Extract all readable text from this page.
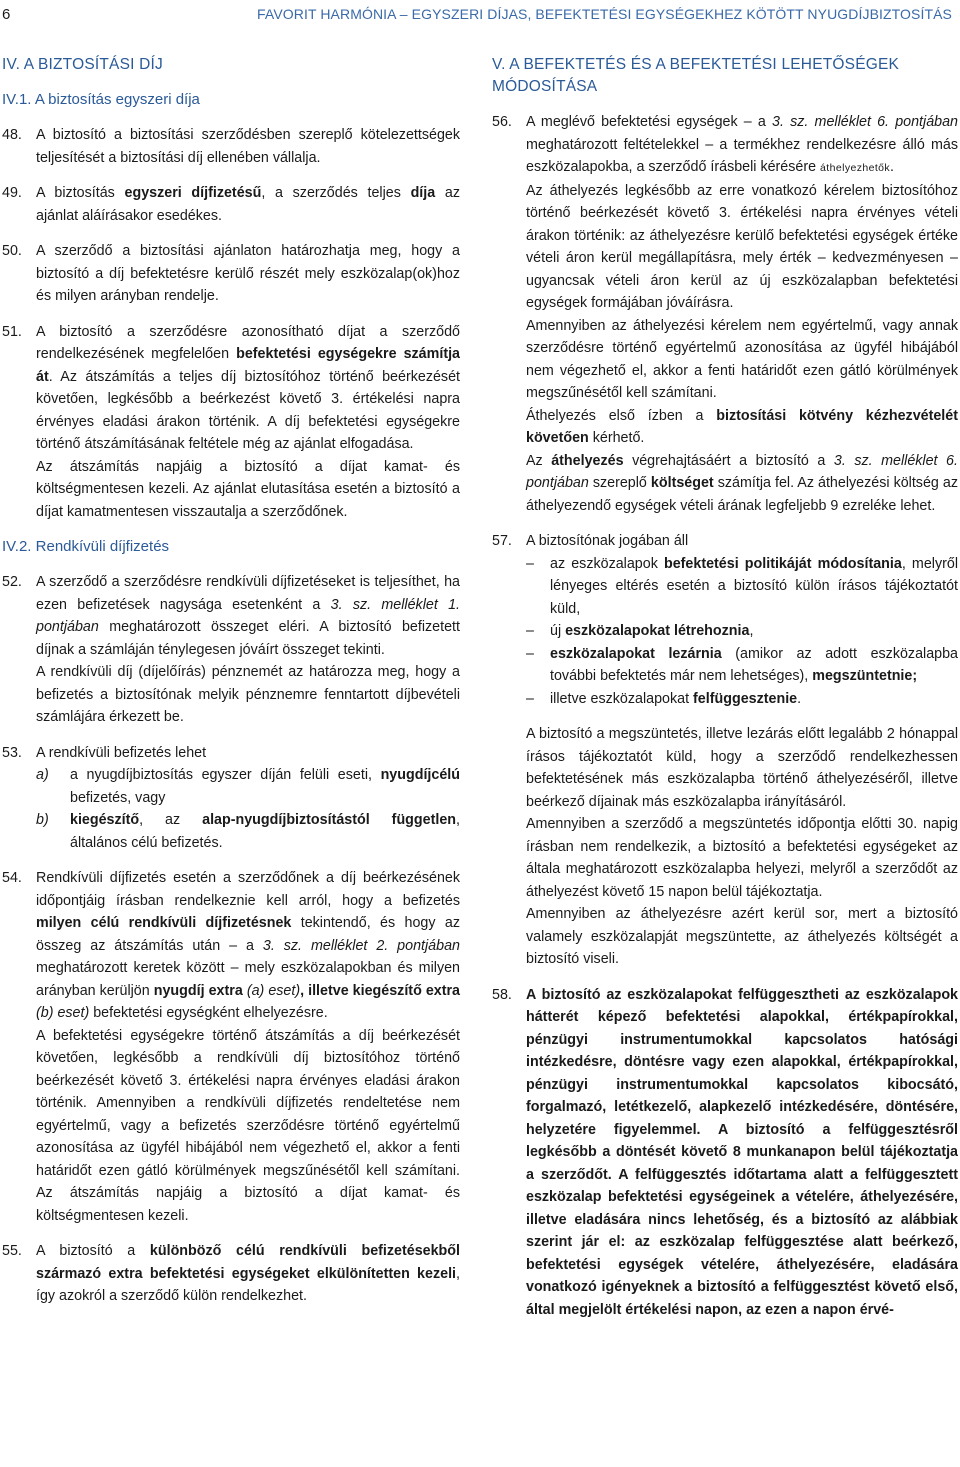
6	FAVORIT HARMÓNIA – EGYSZERI DÍJAS, BEFEKTETÉSI EGYSÉGEKHEZ KÖTÖTT NYUGDÍJBIZTOSÍTÁS
IV. A BIZTOSÍTÁSI DÍJ
IV.1. A biztosítás egyszeri díja
48. A biztosító a biztosítási szerződésben szereplő kötelezettségek teljesítését a biztosítási díj ellenében vállalja.

49. A biztosítás egyszeri díjfizetésű, a szerződés teljes díja az ajánlat aláírásakor esedékes.

50. A szerződő a biztosítási ajánlaton határozhatja meg, hogy a biztosító a díj befektetésre kerülő részét mely eszközalap(ok)hoz és milyen arányban rendelje.

51. A biztosító a szerződésre azonosítható díjat a szerződő rendelkezésének megfelelően befektetési egységekre számítja át. Az átszámítás a teljes díj biztosítóhoz történő beérkezését követően, legkésőbb a beérkezést követő 3. értékelési napra érvényes eladási árakon történik. A díj befektetési egységekre történő átszámításának feltétele még az ajánlat elfogadása.

Az átszámítás napjáig a biztosító a díjat kamat- és költségmentesen kezeli. Az ajánlat elutasítása esetén a biztosító a díjat kamatmentesen visszautalja a szerződőnek.

IV.2. Rendkívüli díjfizetés
52. A szerződő a szerződésre rendkívüli díjfizetéseket is teljesíthet, ha ezen befizetések nagysága esetenként a 3. sz. melléklet 1. pontjában meghatározott összeget eléri. A biztosító befizetett díjnak a számláján ténylegesen jóváírt összeget tekinti.

A rendkívüli díj (díjelőírás) pénznemét az határozza meg, hogy a befizetés a biztosítónak melyik pénznemre fenntartott díjbevételi számlájára érkezett be.

53. A rendkívüli befizetés lehet

a) a nyugdíjbiztosítás egyszer díján felüli eseti, nyugdíjcélú befizetés, vagy
b) kiegészítő, az alap-nyugdíjbiztosítástól független, általános célú befizetés.
54. Rendkívüli díjfizetés esetén a szerződőnek a díj beérkezésének időpontjáig írásban rendelkeznie kell arról, hogy a befizetés milyen célú rendkívüli díjfizetésnek tekintendő, és hogy az összeg az átszámítás után – a 3. sz. melléklet 2. pontjában meghatározott keretek között – mely eszközalapokban és milyen arányban kerüljön nyugdíj extra (a) eset), illetve kiegészítő extra (b) eset) befektetési egységként elhelyezésre.

A befektetési egységekre történő átszámítás a díj beérkezését követően, legkésőbb a rendkívüli díj biztosítóhoz történő beérkezését követő 3. értékelési napra érvényes eladási árakon történik. Amennyiben a rendkívüli díjfizetés rendeltetése nem egyértelmű, vagy a befizetés szerződésre történő egyértelmű azonosítása az ügyfél hibájából nem végezhető el, akkor a fenti határidőt ezen gátló körülmények megszűnésétől kell számítani. Az átszámítás napjáig a biztosító a díjat kamat- és költségmentesen kezeli.

55. A biztosító a különböző célú rendkívüli befizetésekből származó extra befektetési egységeket elkülönítetten kezeli, így azokról a szerződő külön rendelkezhet.

V. A BEFEKTETÉS ÉS A BEFEKTETÉSI LEHETŐSÉGEK MÓDOSÍTÁSA
56. A meglévő befektetési egységek – a 3. sz. melléklet 6. pontjában meghatározott feltételekkel – a termékhez rendelkezésre álló más eszközalapokba, a szerződő írásbeli kérésére áthelyezhetők.

Az áthelyezés legkésőbb az erre vonatkozó kérelem biztosítóhoz történő beérkezését követő 3. értékelési napra érvényes vételi árakon történik: az áthelyezésre kerülő befektetési egységek értéke vételi áron kerül megállapításra, mely érték – kedvezményesen – ugyancsak vételi áron kerül az új eszközalapban befektetési egységek formájában jóváírásra.

Amennyiben az áthelyezési kérelem nem egyértelmű, vagy annak szerződésre történő egyértelmű azonosítása az ügyfél hibájából nem végezhető el, akkor a fenti határidőt ezen gátló körülmények megszűnésétől kell számítani.

Áthelyezés első ízben a biztosítási kötvény kézhezvételét követően kérhető.

Az áthelyezés végrehajtásáért a biztosító a 3. sz. melléklet 6. pontjában szereplő költséget számítja fel. Az áthelyezési költség az áthelyezendő egységek vételi árának legfeljebb 9 ezreléke lehet.

57. A biztosítónak jogában áll

– az eszközalapok befektetési politikáját módosítania, melyről lényeges eltérés esetén a biztosító külön írásos tájékoztatót küld,
– új eszközalapokat létrehoznia,
– eszközalapokat lezárnia (amikor az adott eszközalapba további befektetés már nem lehetséges), megszüntetnie;
– illetve eszközalapokat felfüggesztenie.

A biztosító a megszüntetés, illetve lezárás előtt legalább 2 hónappal írásos tájékoztatót küld, hogy a szerződő rendelkezhessen befektetésének más eszközalapba történő áthelyezéséről, illetve beérkező díjainak más eszközalapba irányításáról.

Amennyiben a szerződő a megszüntetés időpontja előtti 30. napig írásban nem rendelkezik, a biztosító a befektetési egységeket az általa meghatározott eszközalapba helyezi, melyről a szerződőt az áthelyezést követő 15 napon belül tájékoztatja.

Amennyiben az áthelyezésre azért kerül sor, mert a biztosító valamely eszközalapját megszüntette, az áthelyezés költségét a biztosító viseli.

58. A biztosító az eszközalapokat felfüggesztheti az eszközalapok hátterét képező befektetési alapokkal, értékpapírokkal, pénzügyi instrumentumokkal kapcsolatos hatósági intézkedésre, döntésre vagy ezen alapokkal, értékpapírokkal, pénzügyi instrumentumokkal kapcsolatos kibocsátó, forgalmazó, letétkezelő, alapkezelő intézkedésére, döntésére, helyzetére figyelemmel. A biztosító a felfüggesztésről legkésőbb a döntését követő 8 munkanapon belül tájékoztatja a szerződőt. A felfüggesztés időtartama alatt a felfüggesztett eszközalap befektetési egységeinek a vételére, áthelyezésére, illetve eladására nincs lehetőség, és a biztosító az alábbiak szerint jár el: az eszközalap felfüggesztése alatt beérkező, befektetési egységek vételére, áthelyezésére, eladására vonatkozó igényeknek a biztosító a felfüggesztést követő első, által megjelölt értékelési napon, az ezen a napon érvé-
